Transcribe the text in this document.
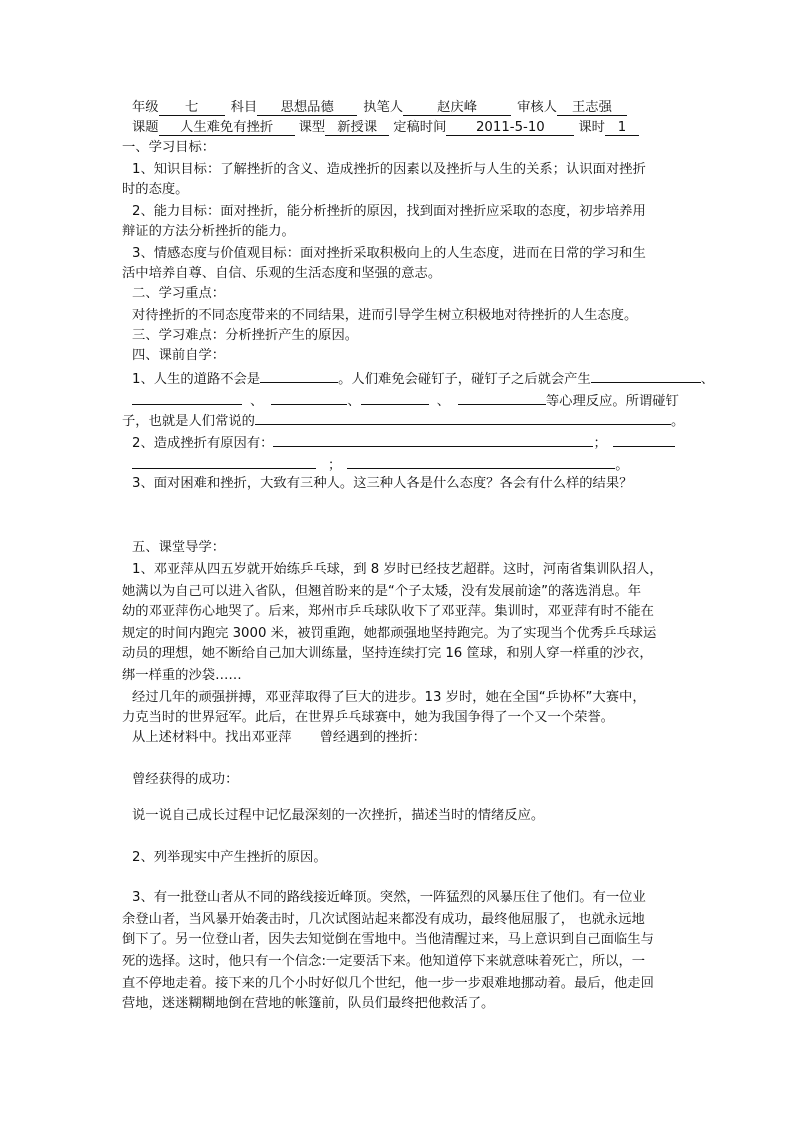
年级 七 科目 思想品德 执笔人	赵庆峰	审核人 王志强
课题 人生难免有挫折 课型 新授课 定稿时间 2011-5-10	课时 1
一、学习目标：
1、知识目标：了解挫折的含义、造成挫折的因素以及挫折与人生的关系；认识面对挫折
时的态度。
2、能力目标：面对挫折，能分析挫折的原因，找到面对挫折应采取的态度，初步培养用
辩证的方法分析挫折的能力。
3、情感态度与价值观目标：面对挫折采取积极向上的人生态度，进而在日常的学习和生
活中培养自尊、自信、乐观的生活态度和坚强的意志。
二、学习重点：
对待挫折的不同态度带来的不同结果，进而引导学生树立积极地对待挫折的人生态度。
三、学习难点：分析挫折产生的原因。
四、课前自学：
1、人生的道路不会是	。人们难免会碰钉子，碰钉子之后就会产生	、
、	、	、	等心理反应。所谓碰钉
子，也就是人们常说的	。
2、造成挫折有原因有：	；
；	。
3、面对困难和挫折，大致有三种人。这三种人各是什么态度？各会有什么样的结果？
五、课堂导学：
1、邓亚萍从四五岁就开始练乒乓球，到 8 岁时已经技艺超群。这时，河南省集训队招人，
她满以为自己可以进入省队，但翘首盼来的是“个子太矮，没有发展前途”的落选消息。年
幼的邓亚萍伤心地哭了。后来，郑州市乒乓球队收下了邓亚萍。集训时，邓亚萍有时不能在
规定的时间内跑完 3000 米，被罚重跑，她都顽强地坚持跑完。为了实现当个优秀乒乓球运
动员的理想，她不断给自己加大训练量，坚持连续打完 16 筐球，和别人穿一样重的沙衣，
绑一样重的沙袋……
经过几年的顽强拼搏，邓亚萍取得了巨大的进步。13 岁时，她在全国“乒协杯”大赛中，
力克当时的世界冠军。此后，在世界乒乓球赛中，她为我国争得了一个又一个荣誉。
从上述材料中。找出邓亚萍 曾经遇到的挫折：
曾经获得的成功：
说一说自己成长过程中记忆最深刻的一次挫折，描述当时的情绪反应。
2、列举现实中产生挫折的原因。
3、有一批登山者从不同的路线接近峰顶。突然，一阵猛烈的风暴压住了他们。有一位业
余登山者，当风暴开始袭击时，几次试图站起来都没有成功，最终他屈服了， 也就永远地
倒下了。另一位登山者，因失去知觉倒在雪地中。当他清醒过来，马上意识到自己面临生与
死的选择。这时，他只有一个信念:一定要活下来。他知道停下来就意味着死亡，所以，一
直不停地走着。接下来的几个小时好似几个世纪，他一步一步艰难地挪动着。最后，他走回
营地，迷迷糊糊地倒在营地的帐篷前，队员们最终把他救活了。
